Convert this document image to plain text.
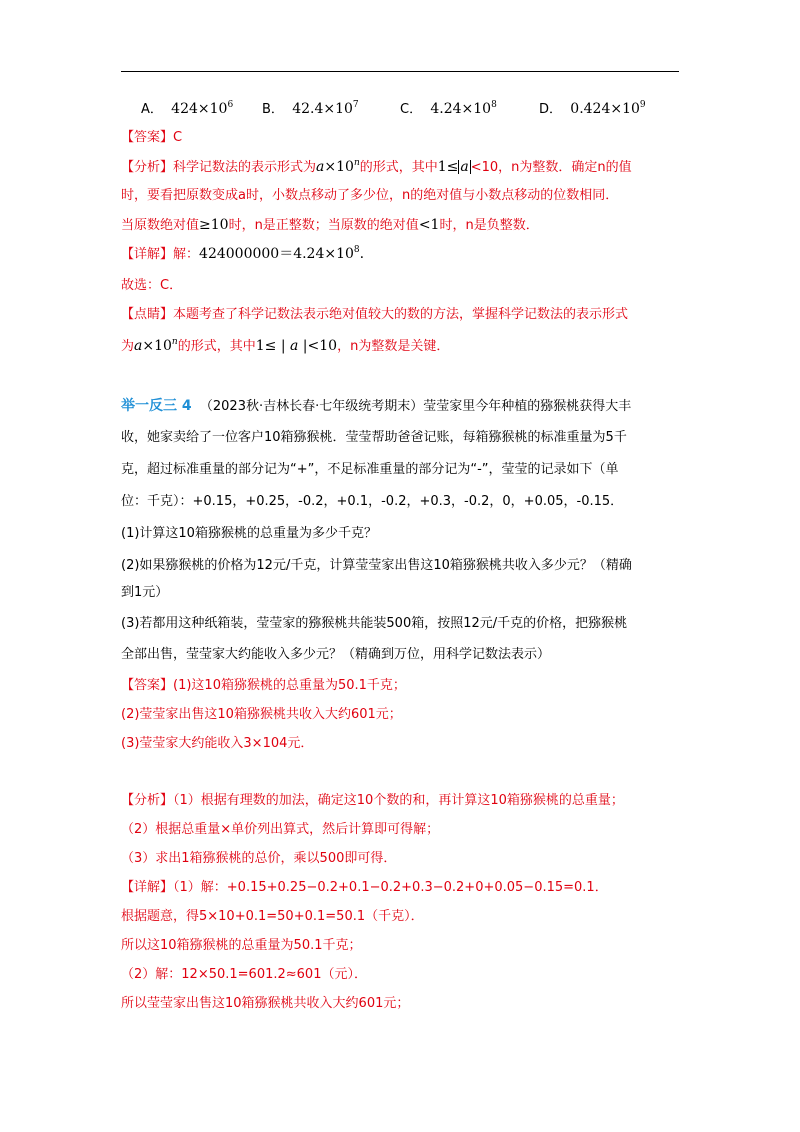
A． $424\times 10^6$ B． $42.4\times 10^7$	C． $4.24\times 10^8$	D． $0.424\times 10^9$
【答案】C
【分析】科学记数法的表示形式为$a\times 10^n$的形式，其中1≤ a <10，n为整数．确定n的值
时，要看把原数变成a时，小数点移动了多少位，n的绝对值与小数点移动的位数相同．
当原数绝对值≥10时，n是正整数；当原数的绝对值<1时，n是负整数．
【详解】解：$424000000=4.24\times 10^8$.
故选：C．
【点睛】本题考查了科学记数法表示绝对值较大的数的方法，掌握科学记数法的表示形式
为$a\times 10^n$的形式，其中1≤ | a |<10，n为整数是关键．
举一反三 4 （2023秋·吉林长春·七年级统考期末）莹莹家里今年种植的猕猴桃获得大丰
收，她家卖给了一位客户10箱猕猴桃．莹莹帮助爸爸记账，每箱猕猴桃的标准重量为5千
克，超过标准重量的部分记为“+”，不足标准重量的部分记为“-”，莹莹的记录如下（单
位：千克）：+0.15，+0.25，-0.2，+0.1，-0.2，+0.3，-0.2，0，+0.05，-0.15．
(1)计算这10箱猕猴桃的总重量为多少千克？
(2)如果猕猴桃的价格为12元/千克，计算莹莹家出售这10箱猕猴桃共收入多少元？（精确
到1元）
(3)若都用这种纸箱装，莹莹家的猕猴桃共能装500箱，按照12元/千克的价格，把猕猴桃
全部出售，莹莹家大约能收入多少元？（精确到万位，用科学记数法表示）
【答案】(1)这10箱猕猴桃的总重量为50.1千克；
(2)莹莹家出售这10箱猕猴桃共收入大约601元；
(3)莹莹家大约能收入3×104元．
【分析】（1）根据有理数的加法，确定这10个数的和，再计算这10箱猕猴桃的总重量；
（2）根据总重量×单价列出算式，然后计算即可得解；
（3）求出1箱猕猴桃的总价，乘以500即可得．
【详解】（1）解：+0.15+0.25−0.2+0.1−0.2+0.3−0.2+0+0.05−0.15=0.1．
根据题意，得5×10+0.1=50+0.1=50.1（千克）．
所以这10箱猕猴桃的总重量为50.1千克；
（2）解：12×50.1=601.2≈601（元）．
所以莹莹家出售这10箱猕猴桃共收入大约601元；
